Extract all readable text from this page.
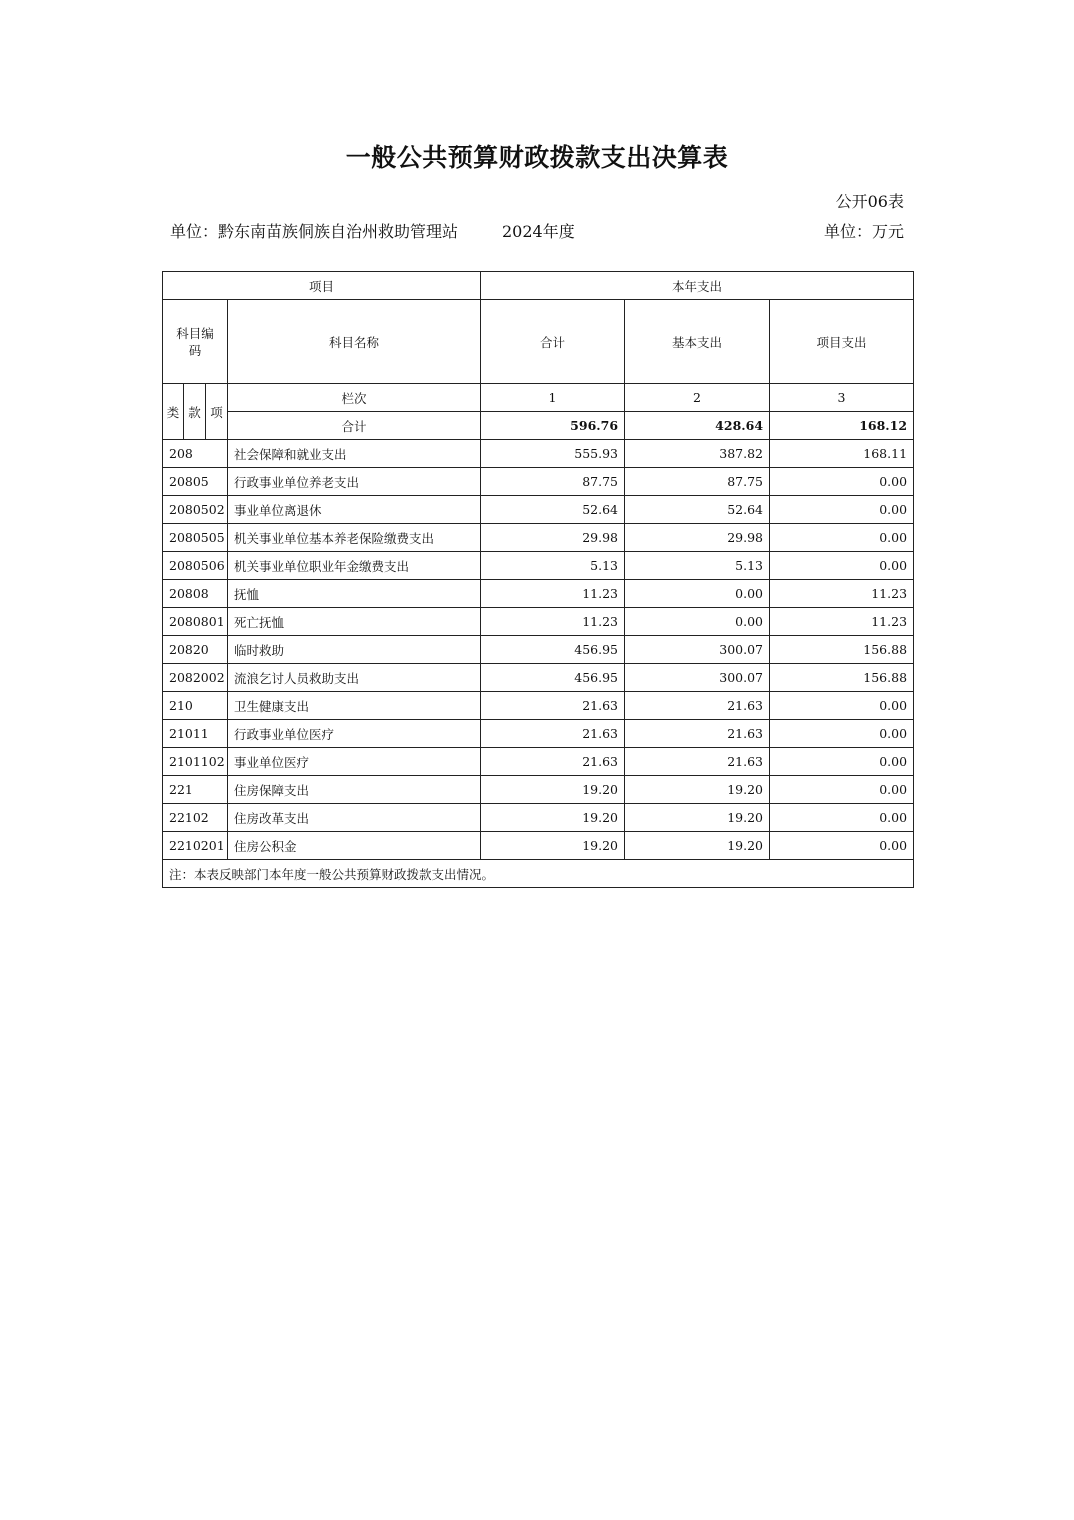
一般公共预算财政拨款支出决算表
公开06表
单位：黔东南苗族侗族自治州救助管理站	2024年度	单位：万元
项目				本年支出		
科目编码			科目名称	合计	基本支出	项目支出
类	款	项	栏次	1	2	3
			合计	596.76	428.64	168.12
208			社会保障和就业支出	555.93	387.82	168.11
20805			行政事业单位养老支出	87.75	87.75	0.00
2080502			事业单位离退休	52.64	52.64	0.00
2080505			机关事业单位基本养老保险缴费支出	29.98	29.98	0.00
2080506			机关事业单位职业年金缴费支出	5.13	5.13	0.00
20808			抚恤	11.23	0.00	11.23
2080801			死亡抚恤	11.23	0.00	11.23
20820			临时救助	456.95	300.07	156.88
2082002			流浪乞讨人员救助支出	456.95	300.07	156.88
210			卫生健康支出	21.63	21.63	0.00
21011			行政事业单位医疗	21.63	21.63	0.00
2101102			事业单位医疗	21.63	21.63	0.00
221			住房保障支出	19.20	19.20	0.00
22102			住房改革支出	19.20	19.20	0.00
2210201			住房公积金	19.20	19.20	0.00
注：本表反映部门本年度一般公共预算财政拨款支出情况。						
